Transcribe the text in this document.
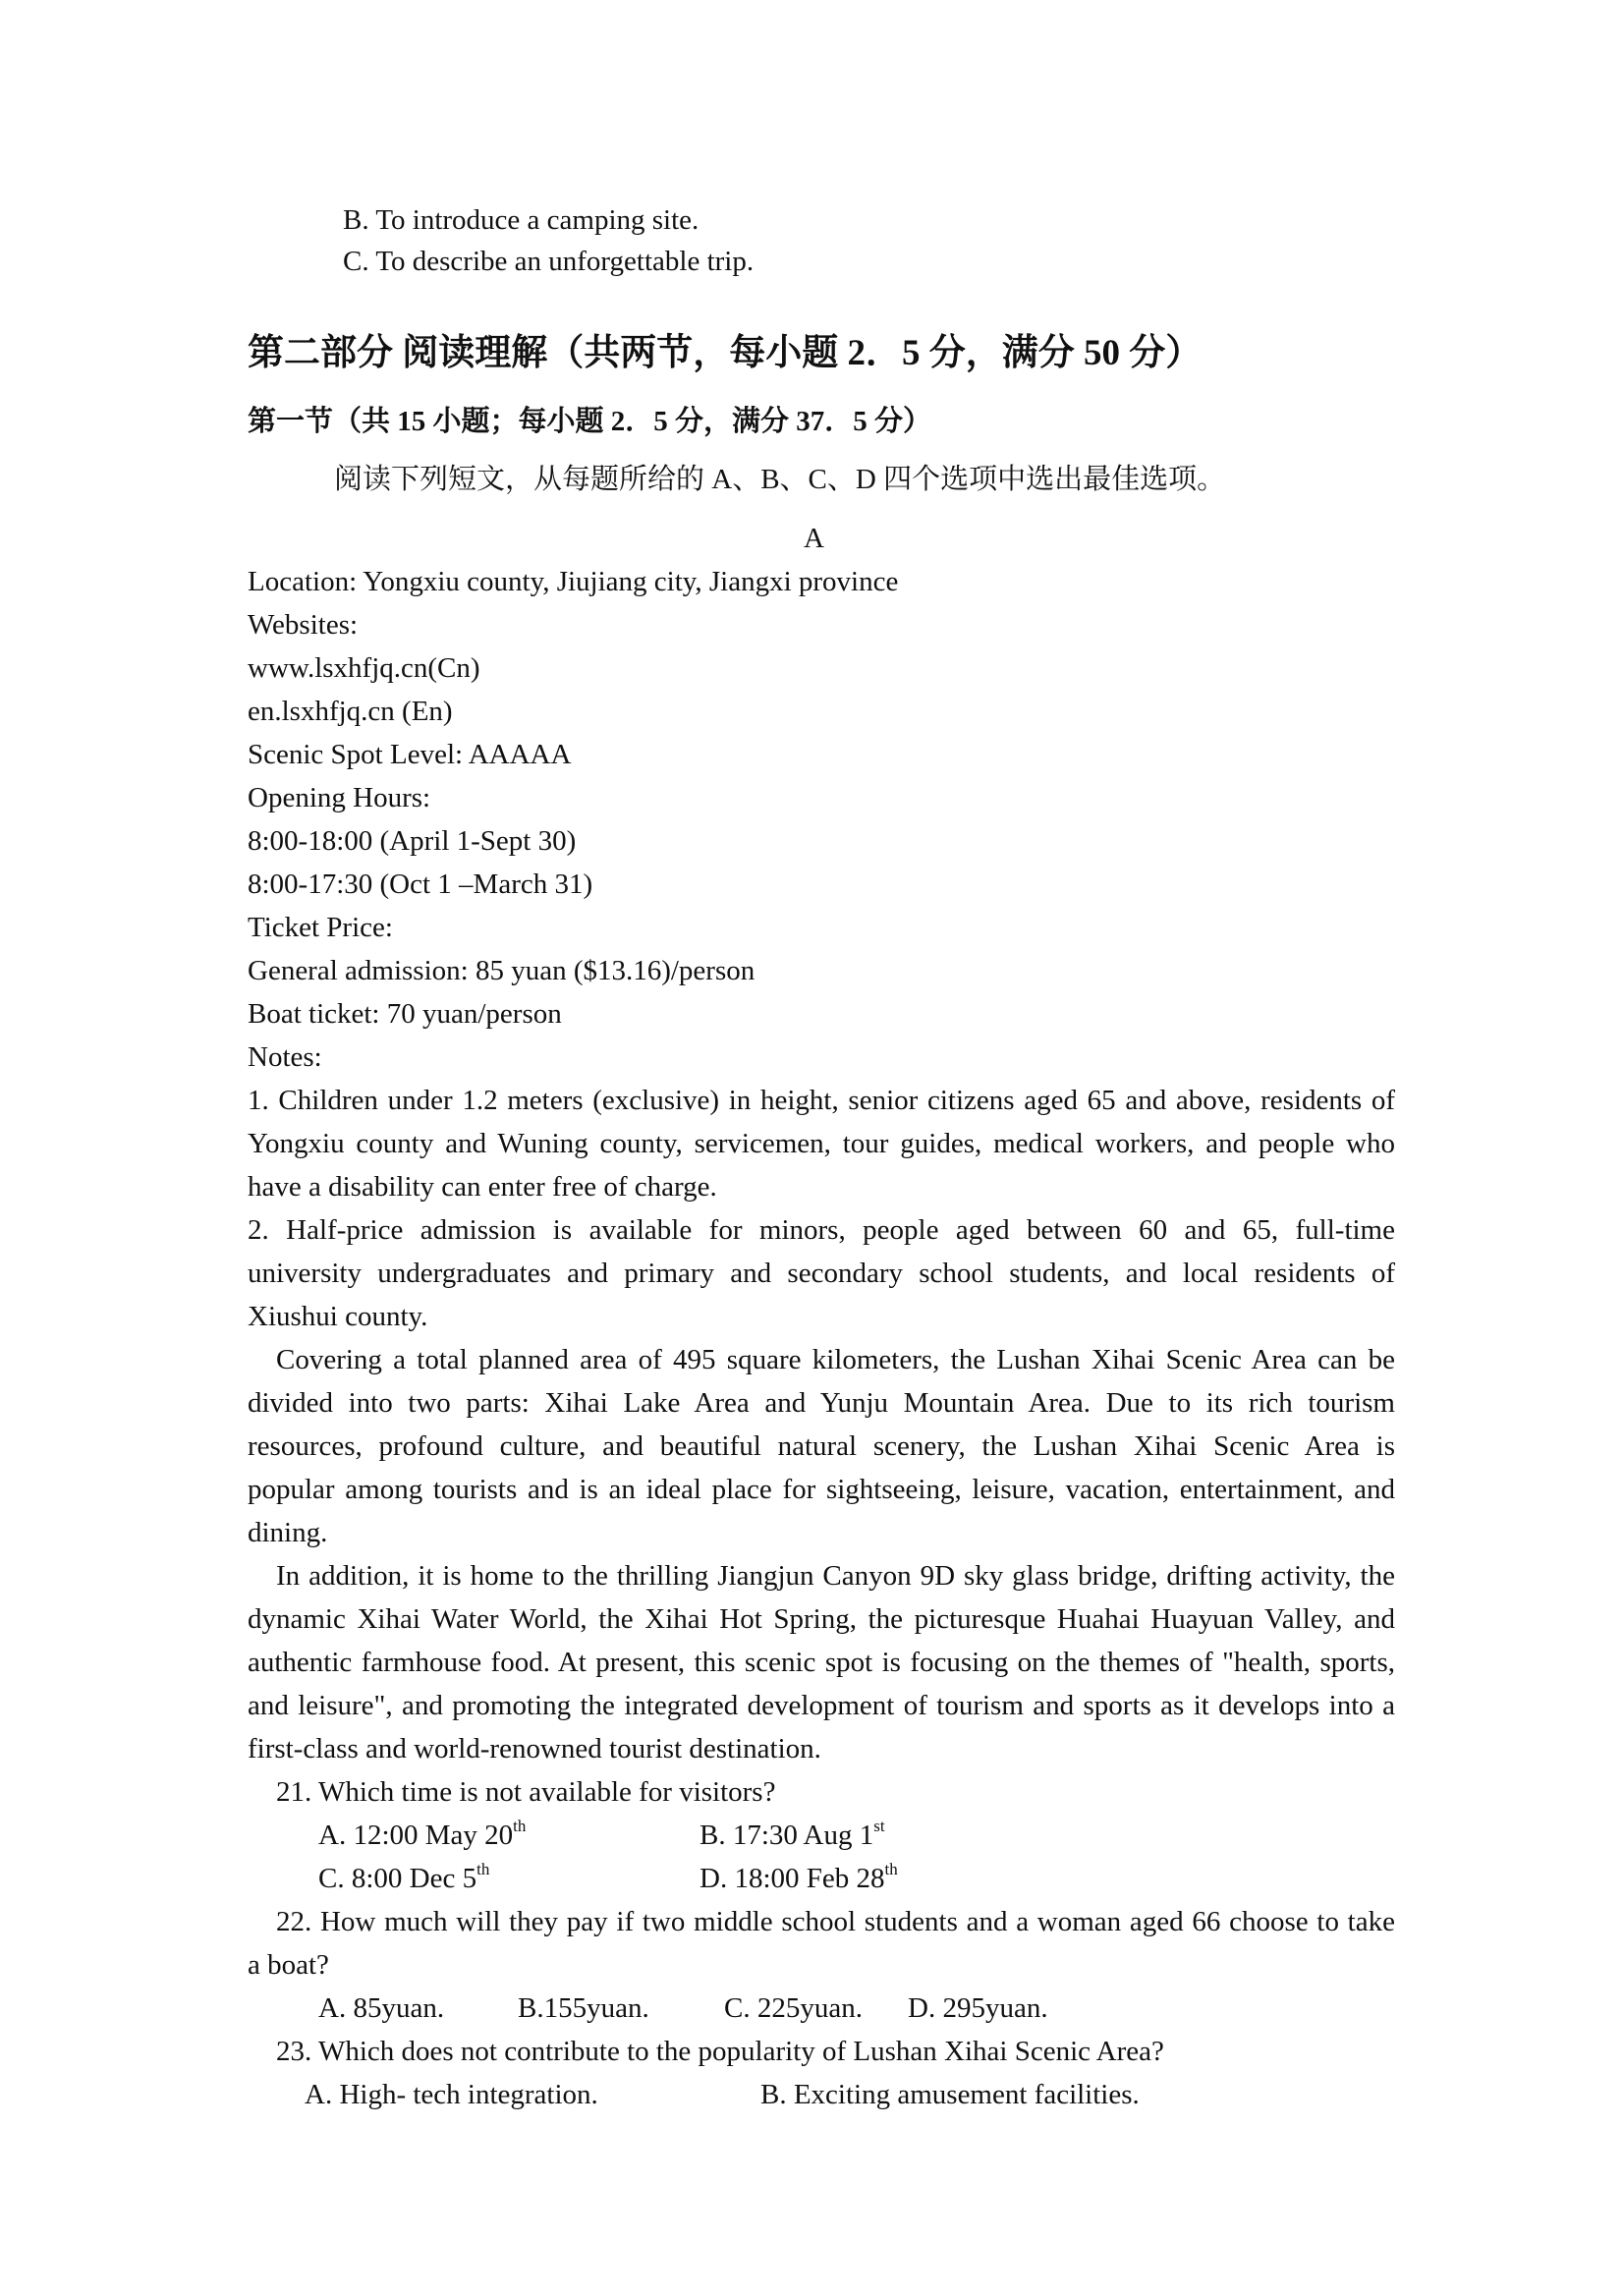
B. To introduce a camping site.
C. To describe an unforgettable trip.
第二部分 阅读理解（共两节，每小题 2．5 分，满分 50 分）
第一节（共 15 小题；每小题 2．5 分，满分 37．5 分）
阅读下列短文，从每题所给的 A、B、C、D 四个选项中选出最佳选项。
A
Location: Yongxiu county, Jiujiang city, Jiangxi province
Websites:
www.lsxhfjq.cn(Cn)
en.lsxhfjq.cn (En)
Scenic Spot Level: AAAAA
Opening Hours:
8:00-18:00 (April 1-Sept 30)
8:00-17:30 (Oct 1 –March 31)
Ticket Price:
General admission: 85 yuan ($13.16)/person
Boat ticket: 70 yuan/person
Notes:
1. Children under 1.2 meters (exclusive) in height, senior citizens aged 65 and above, residents of
Yongxiu county and Wuning county, servicemen, tour guides, medical workers, and people who
have a disability can enter free of charge.
2. Half-price admission is available for minors, people aged between 60 and 65, full-time
university undergraduates and primary and secondary school students, and local residents of
Xiushui county.
Covering a total planned area of 495 square kilometers, the Lushan Xihai Scenic Area can be
divided into two parts: Xihai Lake Area and Yunju Mountain Area. Due to its rich tourism
resources, profound culture, and beautiful natural scenery, the Lushan Xihai Scenic Area is
popular among tourists and is an ideal place for sightseeing, leisure, vacation, entertainment, and
dining.
In addition, it is home to the thrilling Jiangjun Canyon 9D sky glass bridge, drifting activity, the
dynamic Xihai Water World, the Xihai Hot Spring, the picturesque Huahai Huayuan Valley, and
authentic farmhouse food. At present, this scenic spot is focusing on the themes of "health, sports,
and leisure", and promoting the integrated development of tourism and sports as it develops into a
first-class and world-renowned tourist destination.
21. Which time is not available for visitors?
A. 12:00 May 20th	B. 17:30 Aug 1st
C. 8:00 Dec 5th	D. 18:00 Feb 28th
22. How much will they pay if two middle school students and a woman aged 66 choose to take
a boat?
A. 85yuan.	B.155yuan.	C. 225yuan. D. 295yuan.
23. Which does not contribute to the popularity of Lushan Xihai Scenic Area?
A. High- tech integration.	B. Exciting amusement facilities.
